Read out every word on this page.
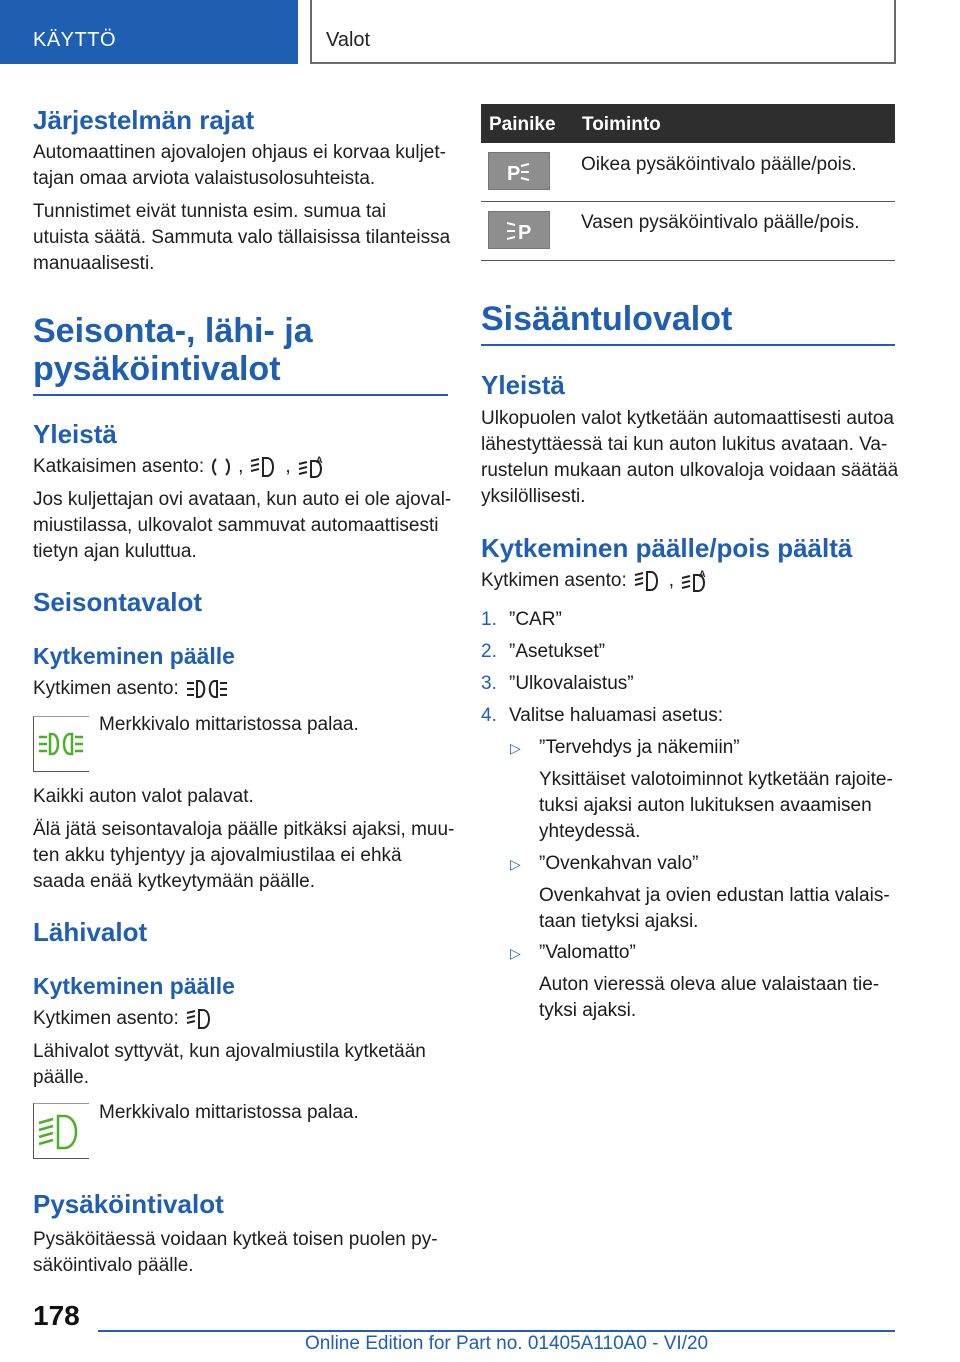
KÄYTTÖ	Valot
Järjestelmän rajat
Automaattinen ajovalojen ohjaus ei korvaa kuljet-
tajan omaa arviota valaistusolosuhteista.
Tunnistimet eivät tunnista esim. sumua tai
utuista säätä. Sammuta valo tällaisissa tilanteissa
manuaalisesti.
Seisonta-, lähi- ja
pysäköintivalot
Yleistä
Katkaisimen asento: , ,	A
Jos kuljettajan ovi avataan, kun auto ei ole ajoval-
miustilassa, ulkovalot sammuvat automaattisesti
tietyn ajan kuluttua.
Seisontavalot
Kytkeminen päälle
Kytkimen asento:
Merkkivalo mittaristossa palaa.
Kaikki auton valot palavat.
Älä jätä seisontavaloja päälle pitkäksi ajaksi, muu-
ten akku tyhjentyy ja ajovalmiustilaa ei ehkä
saada enää kytkeytymään päälle.
Lähivalot
Kytkeminen päälle
Kytkimen asento:
Lähivalot syttyvät, kun ajovalmiustila kytketään
päälle.
Merkkivalo mittaristossa palaa.
Pysäköintivalot
Pysäköitäessä voidaan kytkeä toisen puolen py-
säköintivalo päälle.
Painike Toiminto
P	Oikea pysäköintivalo päälle/pois.
P	Vasen pysäköintivalo päälle/pois.
Sisääntulovalot
Yleistä
Ulkopuolen valot kytketään automaattisesti autoa
lähestyttäessä tai kun auton lukitus avataan. Va-
rustelun mukaan auton ulkovaloja voidaan säätää
yksilöllisesti.
Kytkeminen päälle/pois päältä
Kytkimen asento: ,	A
1. ”CAR”
2. ”Asetukset”
3. ”Ulkovalaistus”
4. Valitse haluamasi asetus:
▷ ”Tervehdys ja näkemiin”
Yksittäiset valotoiminnot kytketään rajoite-
tuksi ajaksi auton lukituksen avaamisen
yhteydessä.
▷ ”Ovenkahvan valo”
Ovenkahvat ja ovien edustan lattia valais-
taan tietyksi ajaksi.
▷ ”Valomatto”
Auton vieressä oleva alue valaistaan tie-
tyksi ajaksi.
178
Online Edition for Part no. 01405A110A0 - VI/20
